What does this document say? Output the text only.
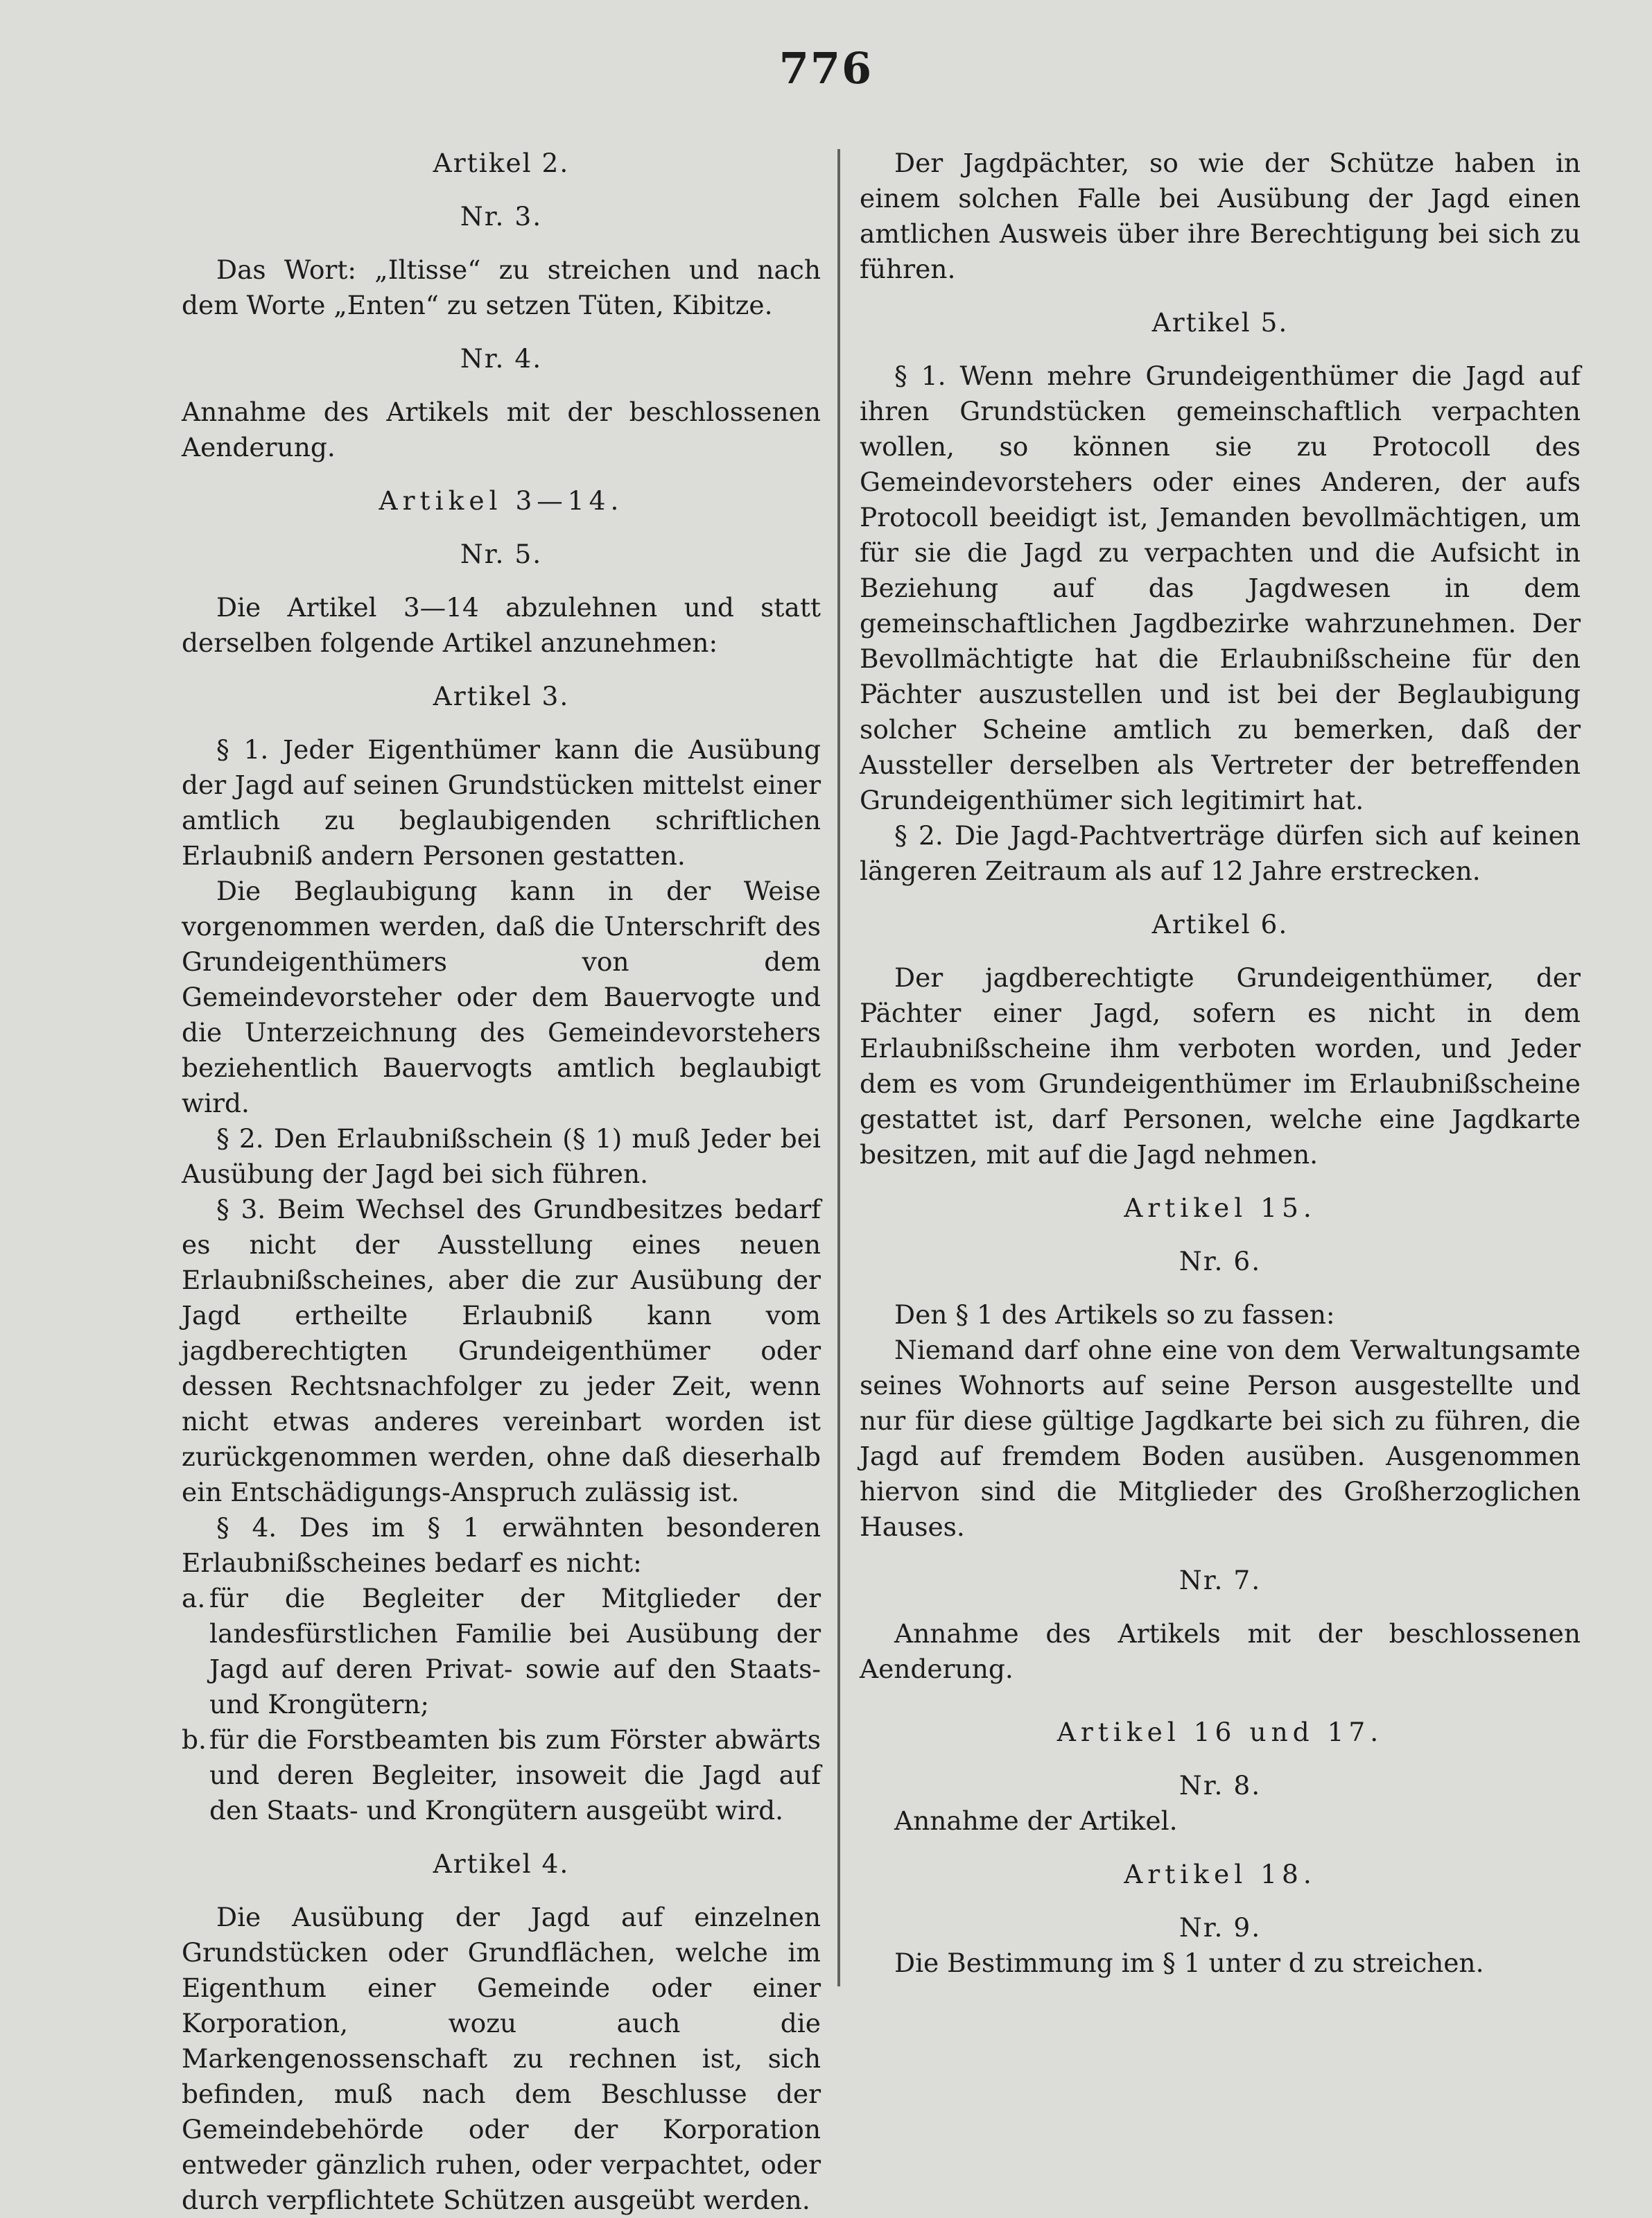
776
Artikel 2.
Nr. 3.

Das Wort: „Iltisse“ zu streichen und nach dem Worte „Enten“ zu setzen Tüten, Kibitze.

Nr. 4.

Annahme des Artikels mit der beschlossenen Aenderung.

Artikel 3—14.
Nr. 5.

Die Artikel 3—14 abzulehnen und statt derselben folgende Artikel anzunehmen:

Artikel 3.

§ 1. Jeder Eigenthümer kann die Ausübung der Jagd auf seinen Grundstücken mittelst einer amtlich zu beglaubigenden schriftlichen Erlaubniß andern Personen gestatten.

Die Beglaubigung kann in der Weise vorgenommen werden, daß die Unterschrift des Grundeigenthümers von dem Gemeindevorsteher oder dem Bauervogte und die Unterzeichnung des Gemeindevorstehers beziehentlich Bauervogts amtlich beglaubigt wird.

§ 2. Den Erlaubnißschein (§ 1) muß Jeder bei Ausübung der Jagd bei sich führen.

§ 3. Beim Wechsel des Grundbesitzes bedarf es nicht der Ausstellung eines neuen Erlaubnißscheines, aber die zur Ausübung der Jagd ertheilte Erlaubniß kann vom jagdberechtigten Grundeigenthümer oder dessen Rechtsnachfolger zu jeder Zeit, wenn nicht etwas anderes vereinbart worden ist zurückgenommen werden, ohne daß dieserhalb ein Entschädigungs-Anspruch zulässig ist.

§ 4. Des im § 1 erwähnten besonderen Erlaubnißscheines bedarf es nicht:

a. für die Begleiter der Mitglieder der landesfürstlichen Familie bei Ausübung der Jagd auf deren Privat- sowie auf den Staats- und Krongütern;
b. für die Forstbeamten bis zum Förster abwärts und deren Begleiter, insoweit die Jagd auf den Staats- und Krongütern ausgeübt wird.
Artikel 4.

Die Ausübung der Jagd auf einzelnen Grundstücken oder Grundflächen, welche im Eigenthum einer Gemeinde oder einer Korporation, wozu auch die Markengenossenschaft zu rechnen ist, sich befinden, muß nach dem Beschlusse der Gemeindebehörde oder der Korporation entweder gänzlich ruhen, oder verpachtet, oder durch verpflichtete Schützen ausgeübt werden.

Der Jagdpächter, so wie der Schütze haben in einem solchen Falle bei Ausübung der Jagd einen amtlichen Ausweis über ihre Berechtigung bei sich zu führen.

Artikel 5.

§ 1. Wenn mehre Grundeigenthümer die Jagd auf ihren Grundstücken gemeinschaftlich verpachten wollen, so können sie zu Protocoll des Gemeindevorstehers oder eines Anderen, der aufs Protocoll beeidigt ist, Jemanden bevollmächtigen, um für sie die Jagd zu verpachten und die Aufsicht in Beziehung auf das Jagdwesen in dem gemeinschaftlichen Jagdbezirke wahrzunehmen. Der Bevollmächtigte hat die Erlaubnißscheine für den Pächter auszustellen und ist bei der Beglaubigung solcher Scheine amtlich zu bemerken, daß der Aussteller derselben als Vertreter der betreffenden Grundeigenthümer sich legitimirt hat.

§ 2. Die Jagd-Pachtverträge dürfen sich auf keinen längeren Zeitraum als auf 12 Jahre erstrecken.

Artikel 6.

Der jagdberechtigte Grundeigenthümer, der Pächter einer Jagd, sofern es nicht in dem Erlaubnißscheine ihm verboten worden, und Jeder dem es vom Grundeigenthümer im Erlaubnißscheine gestattet ist, darf Personen, welche eine Jagdkarte besitzen, mit auf die Jagd nehmen.

Artikel 15.
Nr. 6.

Den § 1 des Artikels so zu fassen:

Niemand darf ohne eine von dem Verwaltungsamte seines Wohnorts auf seine Person ausgestellte und nur für diese gültige Jagdkarte bei sich zu führen, die Jagd auf fremdem Boden ausüben. Ausgenommen hiervon sind die Mitglieder des Großherzoglichen Hauses.

Nr. 7.

Annahme des Artikels mit der beschlossenen Aenderung.

Artikel 16 und 17.
Nr. 8.

Annahme der Artikel.

Artikel 18.
Nr. 9.

Die Bestimmung im § 1 unter d zu streichen.
